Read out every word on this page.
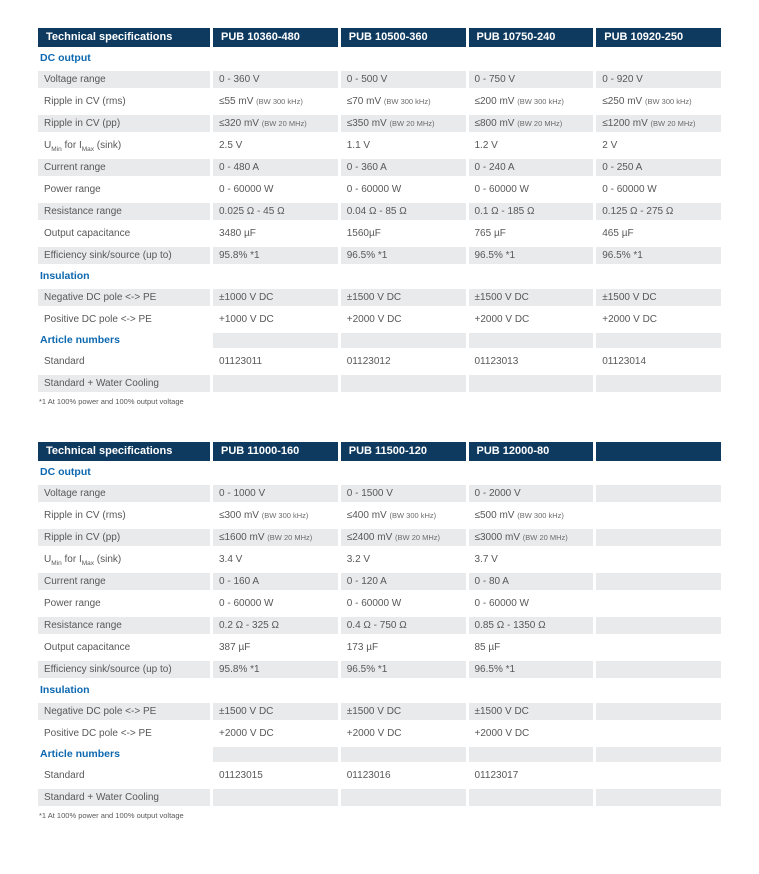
Technical specifications	PUB 10360-480	PUB 10500-360	PUB 10750-240	PUB 10920-250
DC output
Voltage range	0 - 360 V	0 - 500 V	0 - 750 V	0 - 920 V
Ripple in CV (rms)	≤55 mV (BW 300 kHz)	≤70 mV (BW 300 kHz)	≤200 mV (BW 300 kHz)	≤250 mV (BW 300 kHz)
Ripple in CV (pp)	≤320 mV (BW 20 MHz)	≤350 mV (BW 20 MHz)	≤800 mV (BW 20 MHz)	≤1200 mV (BW 20 MHz)
$U_{Min}$ for $I_{Max}$ (sink)	2.5 V	1.1 V	1.2 V	2 V
Current range	0 - 480 A	0 - 360 A	0 - 240 A	0 - 250 A
Power range	0 - 60000 W	0 - 60000 W	0 - 60000 W	0 - 60000 W
Resistance range	0.025 Ω - 45 Ω	0.04 Ω - 85 Ω	0.1 Ω - 185 Ω	0.125 Ω - 275 Ω
Output capacitance	3480 µF	1560µF	765 µF	465 µF
Efficiency sink/source (up to)	95.8% *1	96.5% *1	96.5% *1	96.5% *1
Insulation
Negative DC pole <-> PE	±1000 V DC	±1500 V DC	±1500 V DC	±1500 V DC
Positive DC pole <-> PE	+1000 V DC	+2000 V DC	+2000 V DC	+2000 V DC
Article numbers
Standard	01123011	01123012	01123013	01123014
Standard + Water Cooling
*1 At 100% power and 100% output voltage
Technical specifications	PUB 11000-160	PUB 11500-120	PUB 12000-80
DC output
Voltage range	0 - 1000 V	0 - 1500 V	0 - 2000 V
Ripple in CV (rms)	≤300 mV (BW 300 kHz)	≤400 mV (BW 300 kHz)	≤500 mV (BW 300 kHz)
Ripple in CV (pp)	≤1600 mV (BW 20 MHz)	≤2400 mV (BW 20 MHz)	≤3000 mV (BW 20 MHz)
$U_{Min}$ for $I_{Max}$ (sink)	3.4 V	3.2 V	3.7 V
Current range	0 - 160 A	0 - 120 A	0 - 80 A
Power range	0 - 60000 W	0 - 60000 W	0 - 60000 W
Resistance range	0.2 Ω - 325 Ω	0.4 Ω - 750 Ω	0.85 Ω - 1350 Ω
Output capacitance	387 µF	173 µF	85 µF
Efficiency sink/source (up to)	95.8% *1	96.5% *1	96.5% *1
Insulation
Negative DC pole <-> PE	±1500 V DC	±1500 V DC	±1500 V DC
Positive DC pole <-> PE	+2000 V DC	+2000 V DC	+2000 V DC
Article numbers
Standard	01123015	01123016	01123017
Standard + Water Cooling
*1 At 100% power and 100% output voltage
